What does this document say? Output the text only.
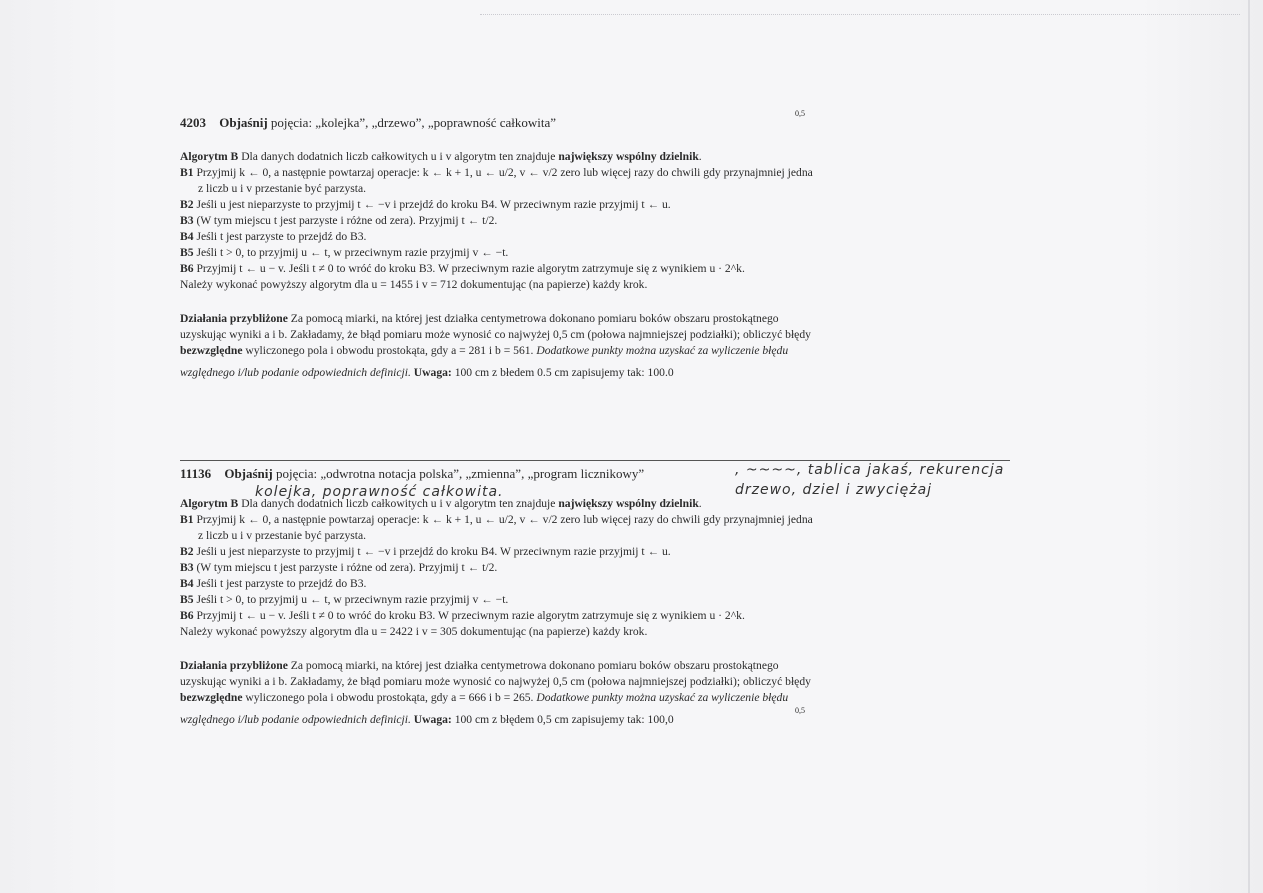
4203 Objaśnij pojęcia: „kolejka”, „drzewo”, „poprawność całkowita”
Algorytm B Dla danych dodatnich liczb całkowitych u i v algorytm ten znajduje największy wspólny dzielnik.
B1 Przyjmij k ← 0, a następnie powtarzaj operacje: k ← k + 1, u ← u/2, v ← v/2 zero lub więcej razy do chwili gdy przynajmniej jedna
z liczb u i v przestanie być parzysta.
B2 Jeśli u jest nieparzyste to przyjmij t ← −v i przejdź do kroku B4. W przeciwnym razie przyjmij t ← u.
B3 (W tym miejscu t jest parzyste i różne od zera). Przyjmij t ← t/2.
B4 Jeśli t jest parzyste to przejdź do B3.
B5 Jeśli t > 0, to przyjmij u ← t, w przeciwnym razie przyjmij v ← −t.
B6 Przyjmij t ← u − v. Jeśli t ≠ 0 to wróć do kroku B3. W przeciwnym razie algorytm zatrzymuje się z wynikiem u · 2^k.
Należy wykonać powyższy algorytm dla u = 1455 i v = 712 dokumentując (na papierze) każdy krok.
Działania przybliżone Za pomocą miarki, na której jest działka centymetrowa dokonano pomiaru boków obszaru prostokątnego
uzyskując wyniki a i b. Zakładamy, że błąd pomiaru może wynosić co najwyżej 0,5 cm (połowa najmniejszej podziałki); obliczyć błędy
bezwzględne wyliczonego pola i obwodu prostokąta, gdy a = 281 i b = 561. Dodatkowe punkty można uzyskać za wyliczenie błędu
względnego i/lub podanie odpowiednich definicji. Uwaga: 100 cm z błedem 0.5 cm zapisujemy tak: 100.0
0,5
11136 Objaśnij pojęcia: „odwrotna notacja polska”, „zmienna”, „program licznikowy”
Algorytm B Dla danych dodatnich liczb całkowitych u i v algorytm ten znajduje największy wspólny dzielnik.
B1 Przyjmij k ← 0, a następnie powtarzaj operacje: k ← k + 1, u ← u/2, v ← v/2 zero lub więcej razy do chwili gdy przynajmniej jedna
z liczb u i v przestanie być parzysta.
B2 Jeśli u jest nieparzyste to przyjmij t ← −v i przejdź do kroku B4. W przeciwnym razie przyjmij t ← u.
B3 (W tym miejscu t jest parzyste i różne od zera). Przyjmij t ← t/2.
B4 Jeśli t jest parzyste to przejdź do B3.
B5 Jeśli t > 0, to przyjmij u ← t, w przeciwnym razie przyjmij v ← −t.
B6 Przyjmij t ← u − v. Jeśli t ≠ 0 to wróć do kroku B3. W przeciwnym razie algorytm zatrzymuje się z wynikiem u · 2^k.
Należy wykonać powyższy algorytm dla u = 2422 i v = 305 dokumentując (na papierze) każdy krok.
Działania przybliżone Za pomocą miarki, na której jest działka centymetrowa dokonano pomiaru boków obszaru prostokątnego
uzyskując wyniki a i b. Zakładamy, że błąd pomiaru może wynosić co najwyżej 0,5 cm (połowa najmniejszej podziałki); obliczyć błędy
bezwzględne wyliczonego pola i obwodu prostokąta, gdy a = 666 i b = 265. Dodatkowe punkty można uzyskać za wyliczenie błędu
względnego i/lub podanie odpowiednich definicji. Uwaga: 100 cm z błędem 0,5 cm zapisujemy tak: 100,0
0,5
, ~~~~, tablica jakaś, rekurencja
drzewo, dziel i zwyciężaj
kolejka, poprawność całkowita.
